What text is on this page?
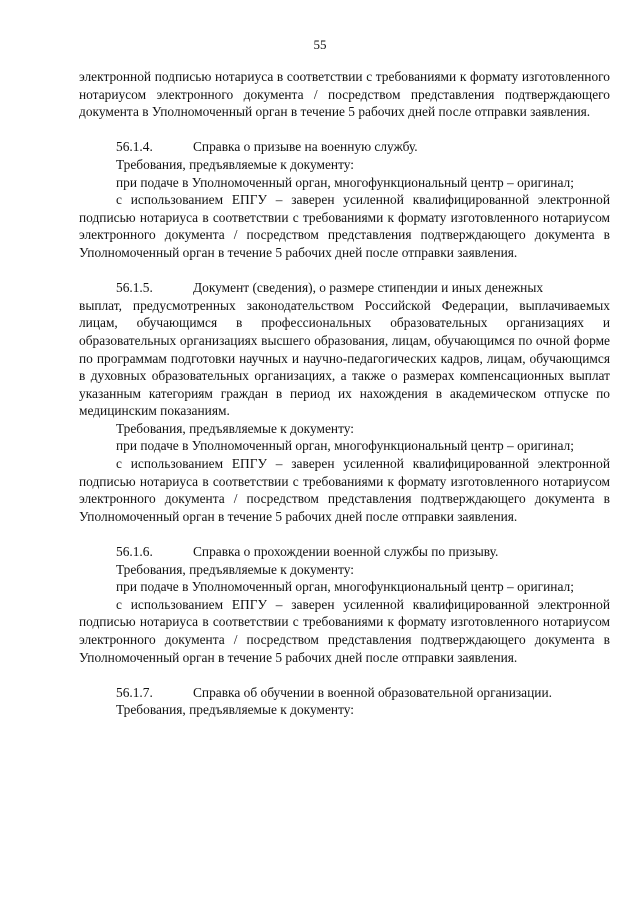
55

электронной подписью нотариуса в соответствии с требованиями к формату изготовленного нотариусом электронного документа / посредством представления подтверждающего документа в Уполномоченный орган в течение 5 рабочих дней после отправки заявления.

56.1.4.	Справка о призыве на военную службу.

Требования, предъявляемые к документу:

при подаче в Уполномоченный орган, многофункциональный центр – оригинал;

с использованием ЕПГУ – заверен усиленной квалифицированной электронной подписью нотариуса в соответствии с требованиями к формату изготовленного нотариусом электронного документа / посредством представления подтверждающего документа в Уполномоченный орган в течение 5 рабочих дней после отправки заявления.

56.1.5.	Документ (сведения), о размере стипендии и иных денежных

выплат, предусмотренных законодательством Российской Федерации, выплачиваемых лицам, обучающимся в профессиональных образовательных организациях и образовательных организациях высшего образования, лицам, обучающимся по очной форме по программам подготовки научных и научно-педагогических кадров, лицам, обучающимся в духовных образовательных организациях, а также о размерах компенсационных выплат указанным категориям граждан в период их нахождения в академическом отпуске по медицинским показаниям.

Требования, предъявляемые к документу:

при подаче в Уполномоченный орган, многофункциональный центр – оригинал;

с использованием ЕПГУ – заверен усиленной квалифицированной электронной подписью нотариуса в соответствии с требованиями к формату изготовленного нотариусом электронного документа / посредством представления подтверждающего документа в Уполномоченный орган в течение 5 рабочих дней после отправки заявления.

56.1.6.	Справка о прохождении военной службы по призыву.

Требования, предъявляемые к документу:

при подаче в Уполномоченный орган, многофункциональный центр – оригинал;

с использованием ЕПГУ – заверен усиленной квалифицированной электронной подписью нотариуса в соответствии с требованиями к формату изготовленного нотариусом электронного документа / посредством представления подтверждающего документа в Уполномоченный орган в течение 5 рабочих дней после отправки заявления.

56.1.7.	Справка об обучении в военной образовательной организации.

Требования, предъявляемые к документу:
